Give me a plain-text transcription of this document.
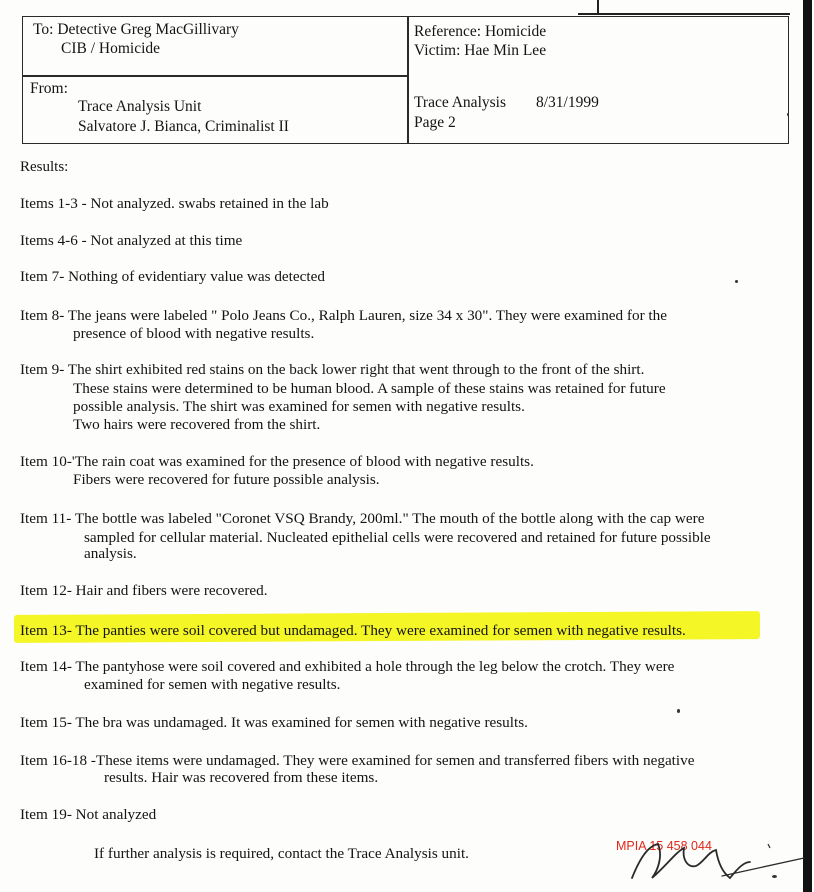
To: Detective Greg MacGillivary
CIB / Homicide
Reference: Homicide
Victim: Hae Min Lee
From:
Trace Analysis Unit
Salvatore J. Bianca, Criminalist II
Trace Analysis 8/31/1999
Page 2
Results:
Items 1-3 - Not analyzed. swabs retained in the lab
Items 4-6 - Not analyzed at this time
Item 7- Nothing of evidentiary value was detected
Item 8- The jeans were labeled " Polo Jeans Co., Ralph Lauren, size 34 x 30". They were examined for the
presence of blood with negative results.
Item 9- The shirt exhibited red stains on the back lower right that went through to the front of the shirt.
These stains were determined to be human blood. A sample of these stains was retained for future
possible analysis. The shirt was examined for semen with negative results.
Two hairs were recovered from the shirt.
Item 10-'The rain coat was examined for the presence of blood with negative results.
Fibers were recovered for future possible analysis.
Item 11- The bottle was labeled "Coronet VSQ Brandy, 200ml." The mouth of the bottle along with the cap were
sampled for cellular material. Nucleated epithelial cells were recovered and retained for future possible
analysis.
Item 12- Hair and fibers were recovered.
Item 13- The panties were soil covered but undamaged. They were examined for semen with negative results.
Item 14- The pantyhose were soil covered and exhibited a hole through the leg below the crotch. They were
examined for semen with negative results.
Item 15- The bra was undamaged. It was examined for semen with negative results.
Item 16-18 -These items were undamaged. They were examined for semen and transferred fibers with negative
results. Hair was recovered from these items.
Item 19- Not analyzed
If further analysis is required, contact the Trace Analysis unit.	MPIA 15 458 044
